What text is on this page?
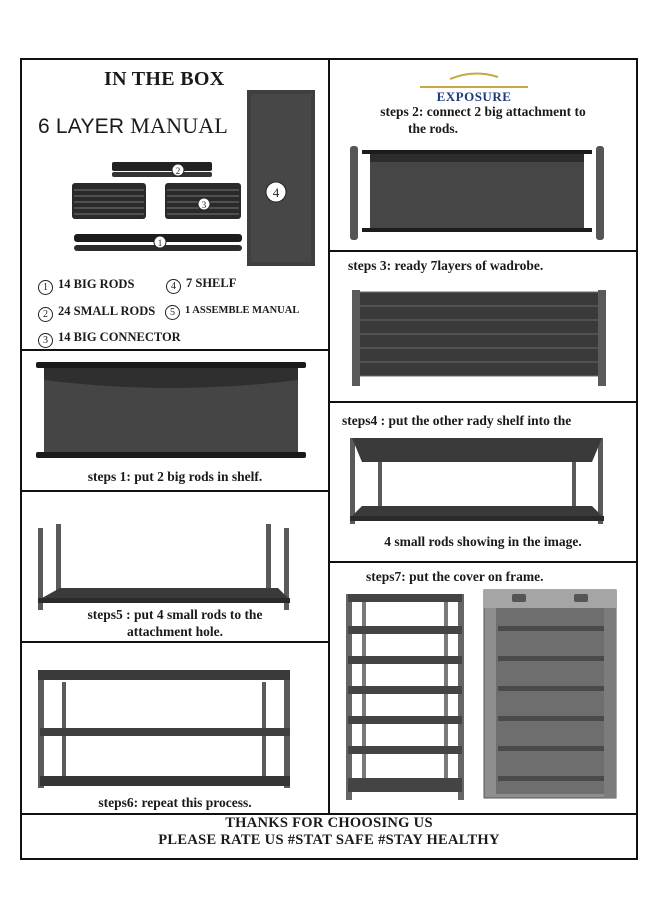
IN THE BOX
6 LAYER MANUAL
2
3
1
4
1 14 BIG RODS	4 7 SHELF
2 24 SMALL RODS	5 1 ASSEMBLE MANUAL
3 14 BIG CONNECTOR
steps 1: put 2 big rods in shelf.
steps5 : put 4 small rods to the
attachment hole.
steps6: repeat this process.
EXPOSURE
steps 2: connect 2 big attachment to
the rods.
steps 3: ready 7layers of wadrobe.
steps4 : put the other rady shelf into the
4 small rods showing in the image.
steps7: put the cover on frame.
THANKS FOR CHOOSING US
PLEASE RATE US #STAT SAFE #STAY HEALTHY
